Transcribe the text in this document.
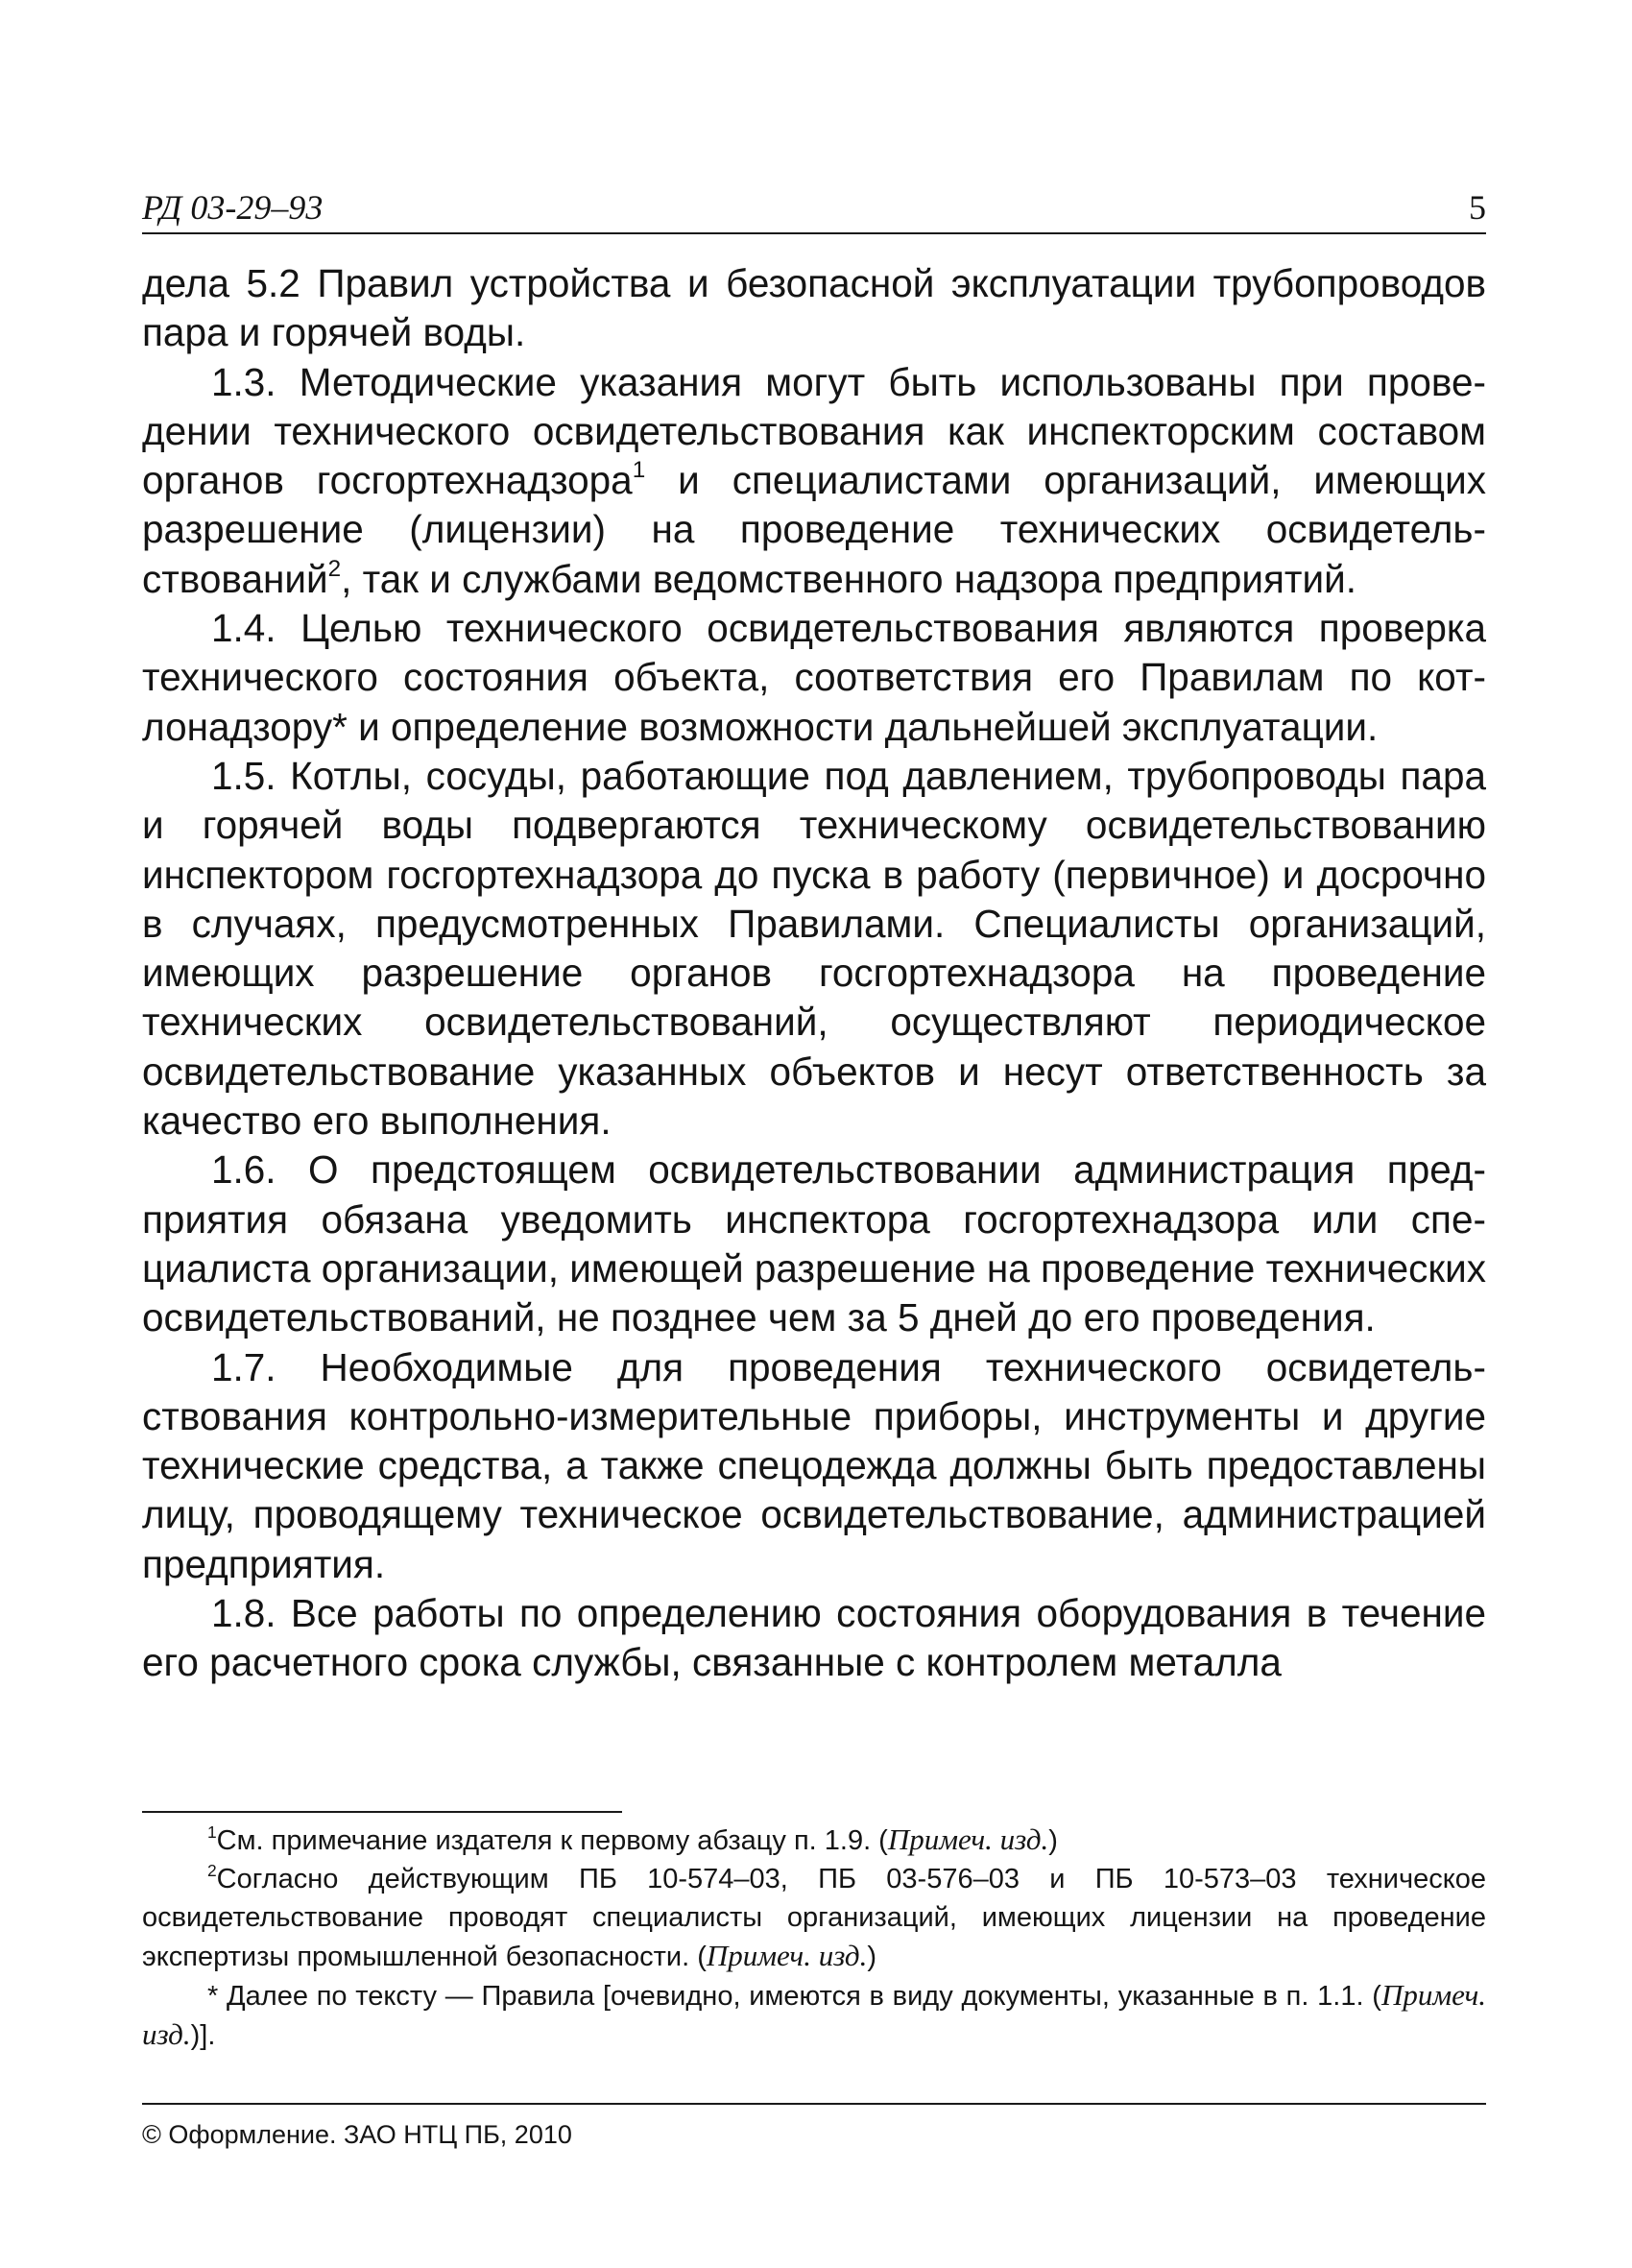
РД 03-29–93	5

дела 5.2 Правил устройства и безопасной эксплуатации трубопроводов пара и горячей воды.

1.3. Методические указания могут быть использованы при проведении технического освидетельствования как инспекторским составом органов госгортехнадзора$^1$ и специалистами организаций, имеющих разрешение (лицензии) на проведение технических освидетельствований$^2$, так и службами ведомственного надзора предприятий.

1.4. Целью технического освидетельствования являются проверка технического состояния объекта, соответствия его Правилам по котлонадзору* и определение возможности дальнейшей эксплуатации.

1.5. Котлы, сосуды, работающие под давлением, трубопроводы пара и горячей воды подвергаются техническому освидетельствованию инспектором госгортехнадзора до пуска в работу (первичное) и досрочно в случаях, предусмотренных Правилами. Специалисты организаций, имеющих разрешение органов госгортехнадзора на проведение технических освидетельствований, осуществляют периодическое освидетельствование указанных объектов и несут ответственность за качество его выполнения.

1.6. О предстоящем освидетельствовании администрация предприятия обязана уведомить инспектора госгортехнадзора или специалиста организации, имеющей разрешение на проведение технических освидетельствований, не позднее чем за 5 дней до его проведения.

1.7. Необходимые для проведения технического освидетельствования контрольно-измерительные приборы, инструменты и другие технические средства, а также спецодежда должны быть предоставлены лицу, проводящему техническое освидетельствование, администрацией предприятия.

1.8. Все работы по определению состояния оборудования в течение его расчетного срока службы, связанные с контролем металла

$^1$См. примечание издателя к первому абзацу п. 1.9. (Примеч. изд.)

$^2$Согласно действующим ПБ 10-574–03, ПБ 03-576–03 и ПБ 10-573–03 техническое освидетельствование проводят специалисты организаций, имеющих лицензии на проведение экспертизы промышленной безопасности. (Примеч. изд.)

* Далее по тексту — Правила [очевидно, имеются в виду документы, указанные в п. 1.1. (Примеч. изд.)].

© Оформление. ЗАО НТЦ ПБ, 2010
